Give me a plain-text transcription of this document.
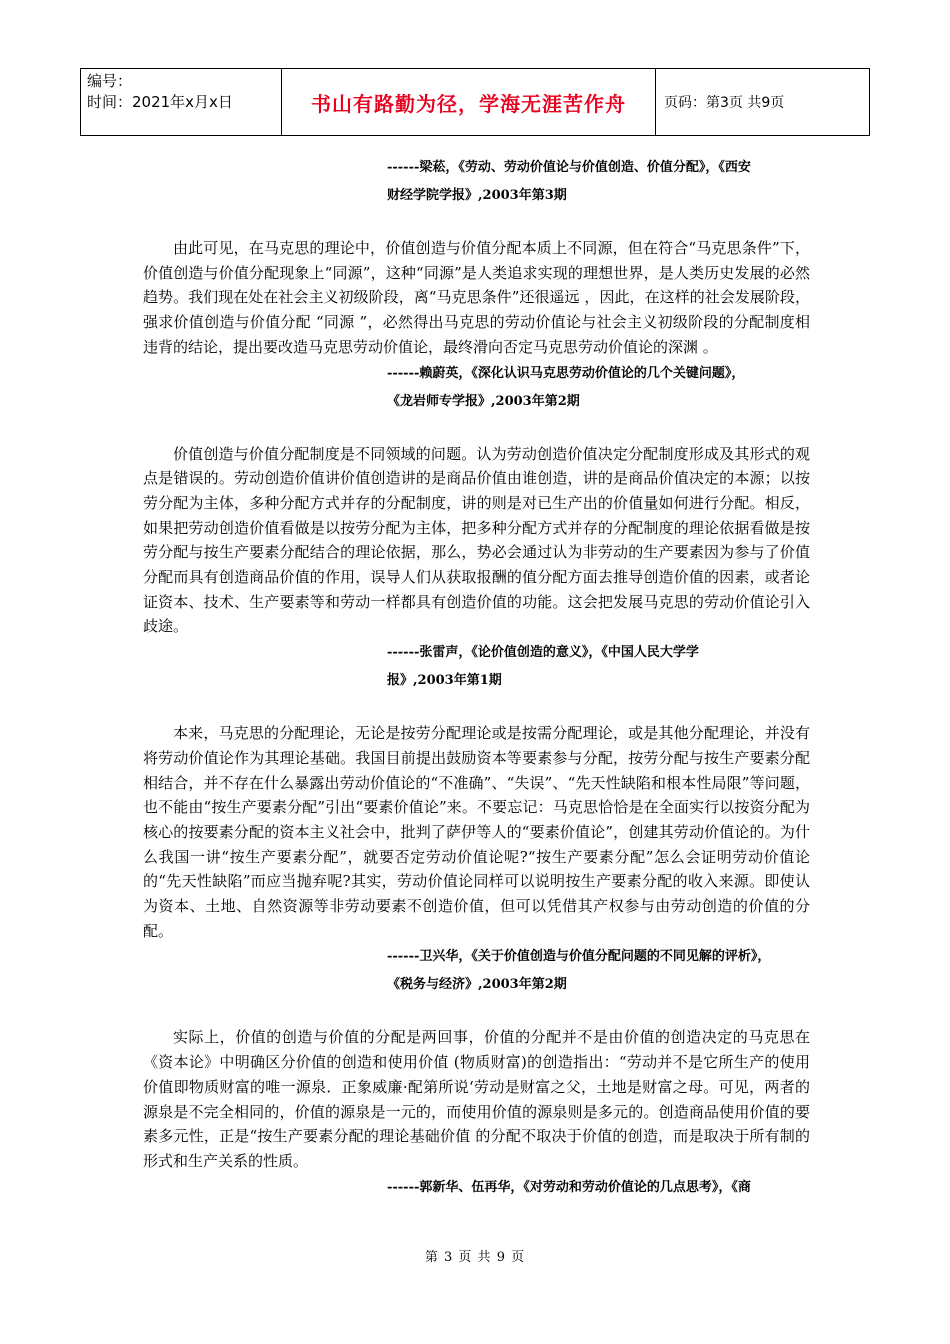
编号：
时间：2021年x月x日	书山有路勤为径，学海无涯苦作舟	页码：第3页 共9页
------梁菘，《劳动、劳动价值论与价值创造、价值分配》，《西安
财经学院学报》,2003年第3期

由此可见，在马克思的理论中，价值创造与价值分配本质上不同源，但在符合“马克思条件”下，价值创造与价值分配现象上“同源”，这种“同源”是人类追求实现的理想世界，是人类历史发展的必然趋势。我们现在处在社会主义初级阶段，离“马克思条件”还很遥远 ，因此，在这样的社会发展阶段，强求价值创造与价值分配 “同源 ”，必然得出马克思的劳动价值论与社会主义初级阶段的分配制度相违背的结论，提出要改造马克思劳动价值论，最终滑向否定马克思劳动价值论的深渊 。

------赖蔚英，《深化认识马克思劳动价值论的几个关键问题》，
《龙岩师专学报》,2003年第2期

价值创造与价值分配制度是不同领域的问题。认为劳动创造价值决定分配制度形成及其形式的观点是错误的。劳动创造价值讲价值创造讲的是商品价值由谁创造，讲的是商品价值决定的本源；以按劳分配为主体，多种分配方式并存的分配制度，讲的则是对已生产出的价值量如何进行分配。相反，如果把劳动创造价值看做是以按劳分配为主体，把多种分配方式并存的分配制度的理论依据看做是按劳分配与按生产要素分配结合的理论依据，那么，势必会通过认为非劳动的生产要素因为参与了价值分配而具有创造商品价值的作用，误导人们从获取报酬的值分配方面去推导创造价值的因素，或者论证资本、技术、生产要素等和劳动一样都具有创造价值的功能。这会把发展马克思的劳动价值论引入歧途。

------张雷声，《论价值创造的意义》，《中国人民大学学
报》,2003年第1期

本来，马克思的分配理论，无论是按劳分配理论或是按需分配理论，或是其他分配理论，并没有将劳动价值论作为其理论基础。我国目前提出鼓励资本等要素参与分配，按劳分配与按生产要素分配相结合，并不存在什么暴露出劳动价值论的“不准确”、“失误”、“先天性缺陷和根本性局限”等问题，也不能由“按生产要素分配”引出“要素价值论”来。不要忘记：马克思恰恰是在全面实行以按资分配为核心的按要素分配的资本主义社会中，批判了萨伊等人的“要素价值论”，创建其劳动价值论的。为什么我国一讲“按生产要素分配”，就要否定劳动价值论呢?“按生产要素分配”怎么会证明劳动价值论的“先天性缺陷”而应当抛弃呢?其实，劳动价值论同样可以说明按生产要素分配的收入来源。即使认为资本、土地、自然资源等非劳动要素不创造价值，但可以凭借其产权参与由劳动创造的价值的分配。

------卫兴华，《关于价值创造与价值分配问题的不同见解的评析》，
《税务与经济》,2003年第2期

实际上，价值的创造与价值的分配是两回事，价值的分配并不是由价值的创造决定的马克思在《资本论》中明确区分价值的创造和使用价值 (物质财富)的创造指出：“劳动并不是它所生产的使用价值即物质财富的唯一源泉．正象威廉·配第所说‘劳动是财富之父，土地是财富之母。可见，两者的源泉是不完全相同的，价值的源泉是一元的，而使用价值的源泉则是多元的。创造商品使用价值的要素多元性，正是“按生产要素分配的理论基础价值 的分配不取决于价值的创造，而是取决于所有制的形式和生产关系的性质。

------郭新华、伍再华，《对劳动和劳动价值论的几点思考》，《商
第 3 页 共 9 页
